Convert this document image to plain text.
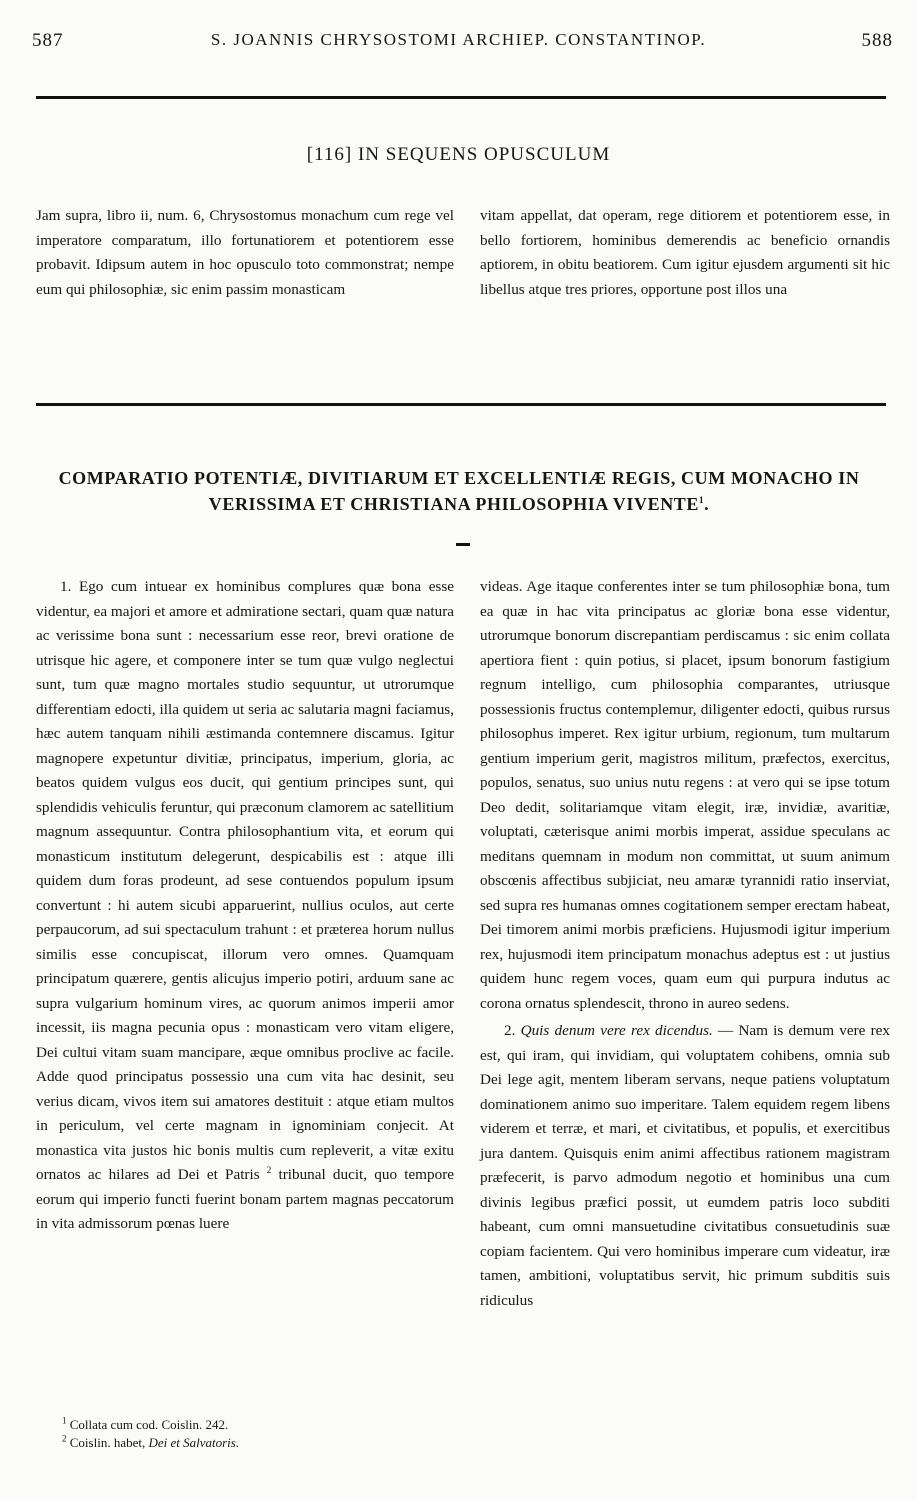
587	S. JOANNIS CHRYSOSTOMI ARCHIEP. CONSTANTINOP.	588
[116] IN SEQUENS OPUSCULUM
Jam supra, libro ii, num. 6, Chrysostomus monachum cum rege vel imperatore comparatum, illo fortunatiorem et potentiorem esse probavit. Idipsum autem in hoc opusculo toto commonstrat; nempe eum qui philosophiæ, sic enim passim monasticam
vitam appellat, dat operam, rege ditiorem et potentiorem esse, in bello fortiorem, hominibus demerendis ac beneficio ornandis aptiorem, in obitu beatiorem. Cum igitur ejusdem argumenti sit hic libellus atque tres priores, opportune post illos una
COMPARATIO POTENTIÆ, DIVITIARUM ET EXCELLENTIÆ REGIS, CUM MONACHO IN VERISSIMA ET CHRISTIANA PHILOSOPHIA VIVENTE$^1$.

1. Ego cum intuear ex hominibus complures quæ bona esse videntur, ea majori et amore et admiratione sectari, quam quæ natura ac verissime bona sunt : necessarium esse reor, brevi oratione de utrisque hic agere, et componere inter se tum quæ vulgo neglectui sunt, tum quæ magno mortales studio sequuntur, ut utrorumque differentiam edocti, illa quidem ut seria ac salutaria magni faciamus, hæc autem tanquam nihili æstimanda contemnere discamus. Igitur magnopere expetuntur divitiæ, principatus, imperium, gloria, ac beatos quidem vulgus eos ducit, qui gentium principes sunt, qui splendidis vehiculis feruntur, qui præconum clamorem ac satellitium magnum assequuntur. Contra philosophantium vita, et eorum qui monasticum institutum delegerunt, despicabilis est : atque illi quidem dum foras prodeunt, ad sese contuendos populum ipsum convertunt : hi autem sicubi apparuerint, nullius oculos, aut certe perpaucorum, ad sui spectaculum trahunt : et præterea horum nullus similis esse concupiscat, illorum vero omnes. Quamquam principatum quærere, gentis alicujus imperio potiri, arduum sane ac supra vulgarium hominum vires, ac quorum animos imperii amor incessit, iis magna pecunia opus : monasticam vero vitam eligere, Dei cultui vitam suam mancipare, æque omnibus proclive ac facile. Adde quod principatus possessio una cum vita hac desinit, seu verius dicam, vivos item sui amatores destituit : atque etiam multos in periculum, vel certe magnam in ignominiam conjecit. At monastica vita justos hic bonis multis cum repleverit, a vitæ exitu ornatos ac hilares ad Dei et Patris $^2$ tribunal ducit, quo tempore eorum qui imperio functi fuerint bonam partem magnas peccatorum in vita admissorum pœnas luere

videas. Age itaque conferentes inter se tum philosophiæ bona, tum ea quæ in hac vita principatus ac gloriæ bona esse videntur, utrorumque bonorum discrepantiam perdiscamus : sic enim collata apertiora fient : quin potius, si placet, ipsum bonorum fastigium regnum intelligo, cum philosophia comparantes, utriusque possessionis fructus contemplemur, diligenter edocti, quibus rursus philosophus imperet. Rex igitur urbium, regionum, tum multarum gentium imperium gerit, magistros militum, præfectos, exercitus, populos, senatus, suo unius nutu regens : at vero qui se ipse totum Deo dedit, solitariamque vitam elegit, iræ, invidiæ, avaritiæ, voluptati, cæterisque animi morbis imperat, assidue speculans ac meditans quemnam in modum non committat, ut suum animum obscœnis affectibus subjiciat, neu amaræ tyrannidi ratio inserviat, sed supra res humanas omnes cogitationem semper erectam habeat, Dei timorem animi morbis præficiens. Hujusmodi igitur imperium rex, hujusmodi item principatum monachus adeptus est : ut justius quidem hunc regem voces, quam eum qui purpura indutus ac corona ornatus splendescit, throno in aureo sedens.

2. Quis denum vere rex dicendus. — Nam is demum vere rex est, qui iram, qui invidiam, qui voluptatem cohibens, omnia sub Dei lege agit, mentem liberam servans, neque patiens voluptatum dominationem animo suo imperitare. Talem equidem regem libens viderem et terræ, et mari, et civitatibus, et populis, et exercitibus jura dantem. Quisquis enim animi affectibus rationem magistram præfecerit, is parvo admodum negotio et hominibus una cum divinis legibus præfici possit, ut eumdem patris loco subditi habeant, cum omni mansuetudine civitatibus consuetudinis suæ copiam facientem. Qui vero hominibus imperare cum videatur, iræ tamen, ambitioni, voluptatibus servit, hic primum subditis suis ridiculus

$^1$ Collata cum cod. Coislin. 242.
$^2$ Coislin. habet, Dei et Salvatoris.
